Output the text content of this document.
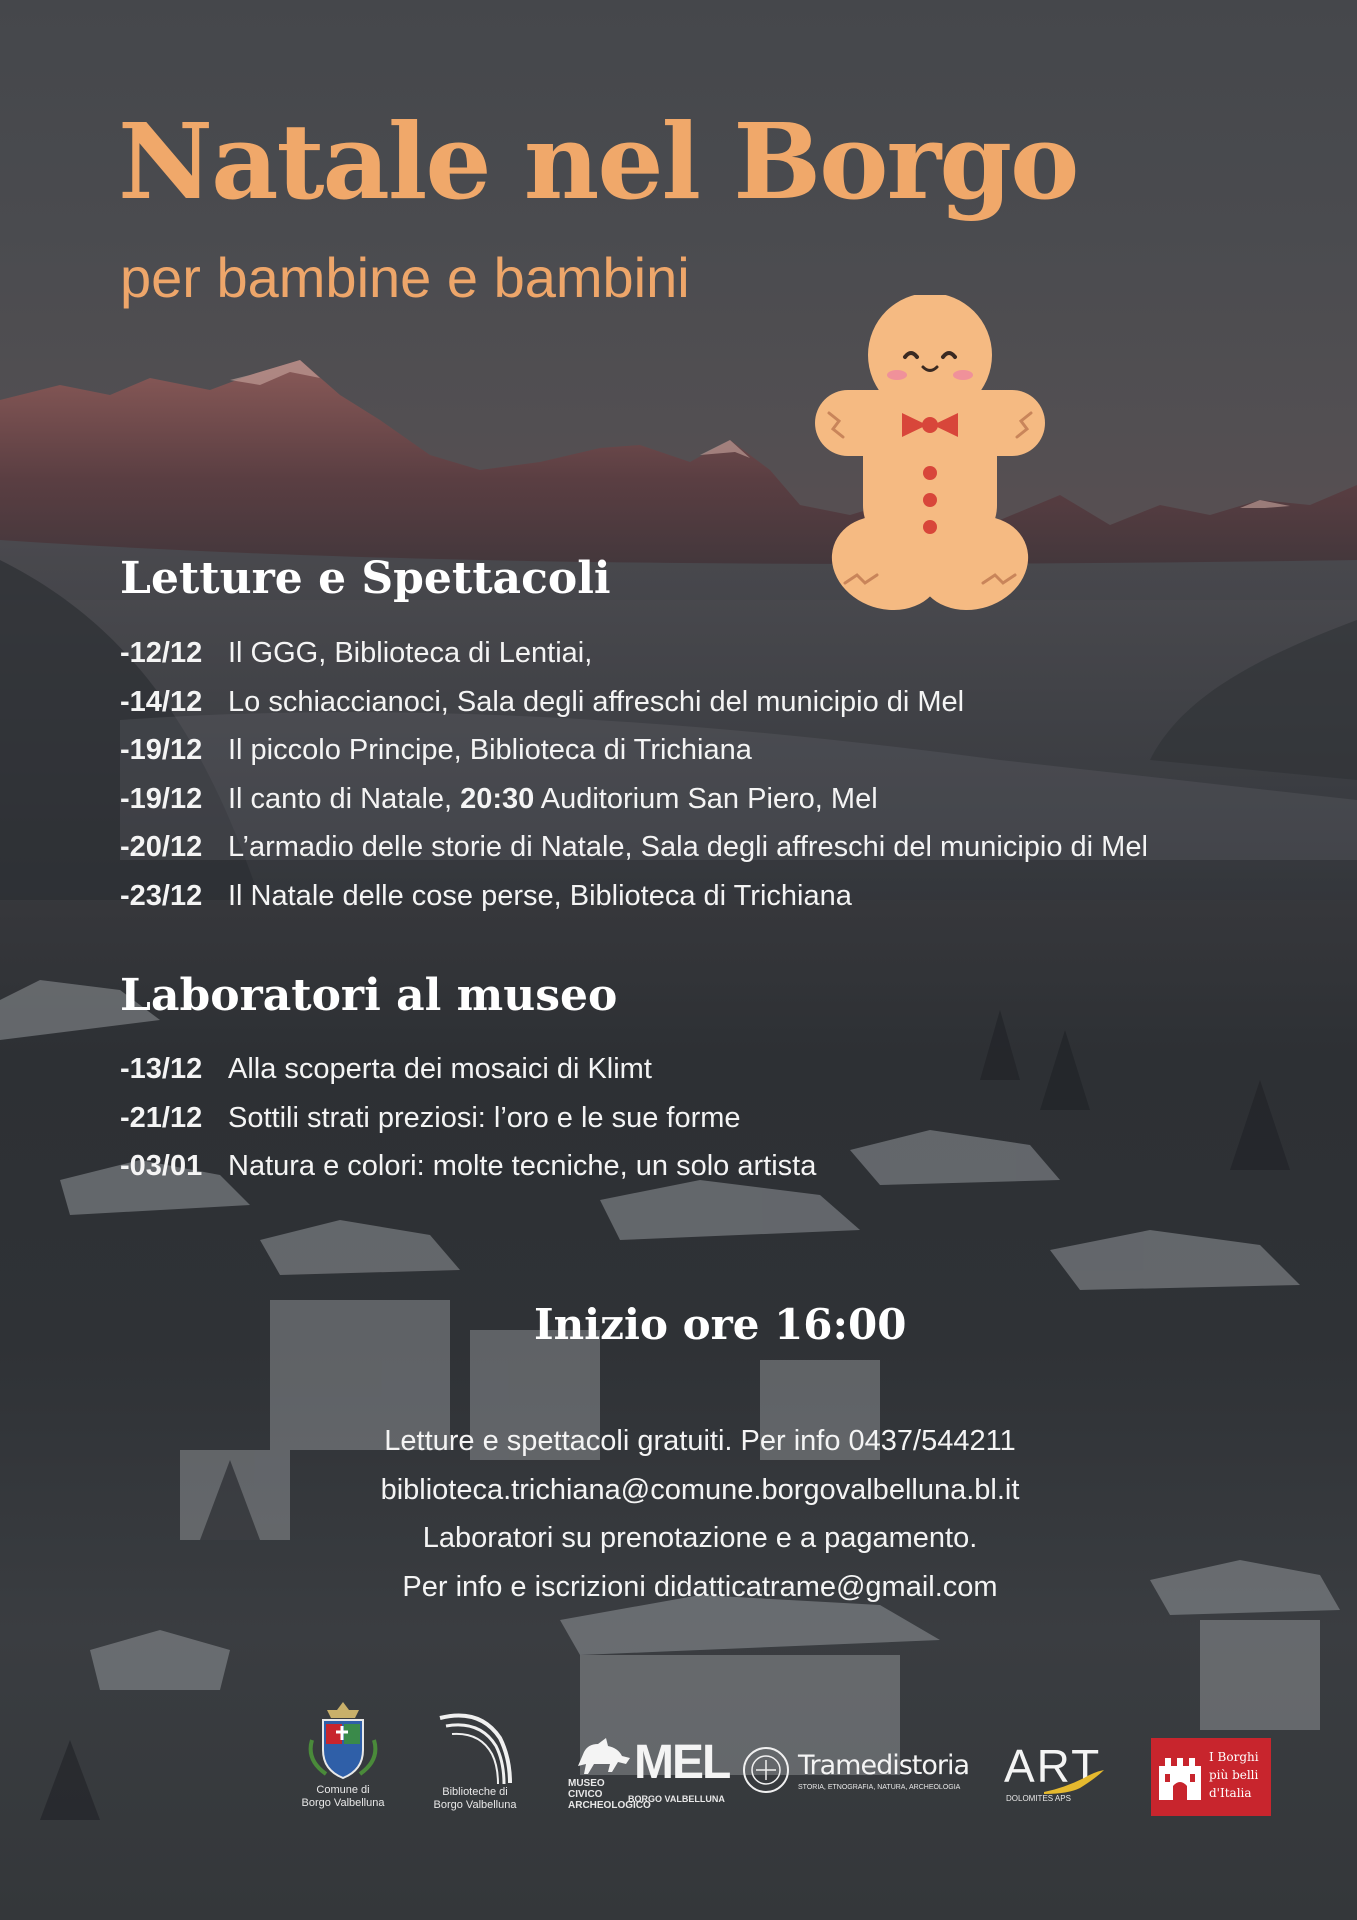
Natale nel Borgo
per bambine e bambini
Letture e Spettacoli
-12/12 Il GGG, Biblioteca di Lentiai,
-14/12 Lo schiaccianoci, Sala degli affreschi del municipio di Mel
-19/12 Il piccolo Principe, Biblioteca di Trichiana
-19/12 Il canto di Natale, 20:30 Auditorium San Piero, Mel
-20/12 L’armadio delle storie di Natale, Sala degli affreschi del municipio di Mel
-23/12 Il Natale delle cose perse, Biblioteca di Trichiana
Laboratori al museo
-13/12 Alla scoperta dei mosaici di Klimt
-21/12 Sottili strati preziosi: l’oro e le sue forme
-03/01 Natura e colori: molte tecniche, un solo artista
Inizio ore 16:00
Letture e spettacoli gratuiti. Per info 0437/544211
biblioteca.trichiana@comune.borgovalbelluna.bl.it
Laboratori su prenotazione e a pagamento.
Per info e iscrizioni didatticatrame@gmail.com
Comune di
Borgo Valbelluna
Biblioteche di
Borgo Valbelluna
MUSEO CIVICO ARCHEOLOGICO
MEL
BORGO VALBELLUNA
Tramedistoria
STORIA, ETNOGRAFIA, NATURA, ARCHEOLOGIA ART
DOLOMITES APS
I Borghi
più belli
d'Italia
